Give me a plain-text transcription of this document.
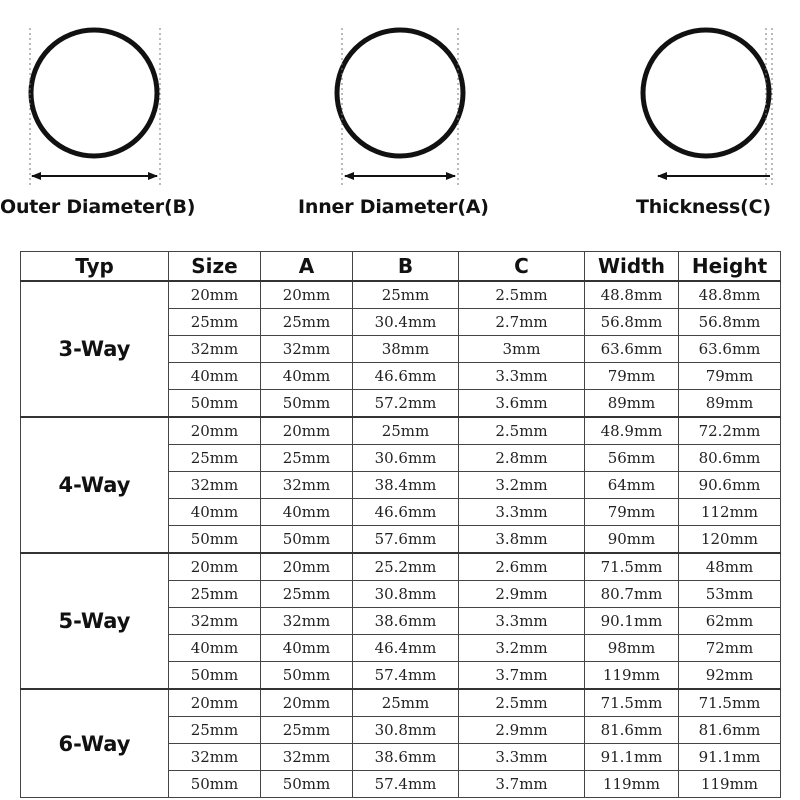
Outer Diameter(B)	Inner Diameter(A)	Thickness(C)
Typ	Size	A	B	C	Width	Height
3-Way	20mm	20mm	25mm	2.5mm	48.8mm	48.8mm
	25mm	25mm	30.4mm	2.7mm	56.8mm	56.8mm
	32mm	32mm	38mm	3mm	63.6mm	63.6mm
	40mm	40mm	46.6mm	3.3mm	79mm	79mm
	50mm	50mm	57.2mm	3.6mm	89mm	89mm
4-Way	20mm	20mm	25mm	2.5mm	48.9mm	72.2mm
	25mm	25mm	30.6mm	2.8mm	56mm	80.6mm
	32mm	32mm	38.4mm	3.2mm	64mm	90.6mm
	40mm	40mm	46.6mm	3.3mm	79mm	112mm
	50mm	50mm	57.6mm	3.8mm	90mm	120mm
5-Way	20mm	20mm	25.2mm	2.6mm	71.5mm	48mm
	25mm	25mm	30.8mm	2.9mm	80.7mm	53mm
	32mm	32mm	38.6mm	3.3mm	90.1mm	62mm
	40mm	40mm	46.4mm	3.2mm	98mm	72mm
	50mm	50mm	57.4mm	3.7mm	119mm	92mm
6-Way	20mm	20mm	25mm	2.5mm	71.5mm	71.5mm
	25mm	25mm	30.8mm	2.9mm	81.6mm	81.6mm
	32mm	32mm	38.6mm	3.3mm	91.1mm	91.1mm
	50mm	50mm	57.4mm	3.7mm	119mm	119mm
